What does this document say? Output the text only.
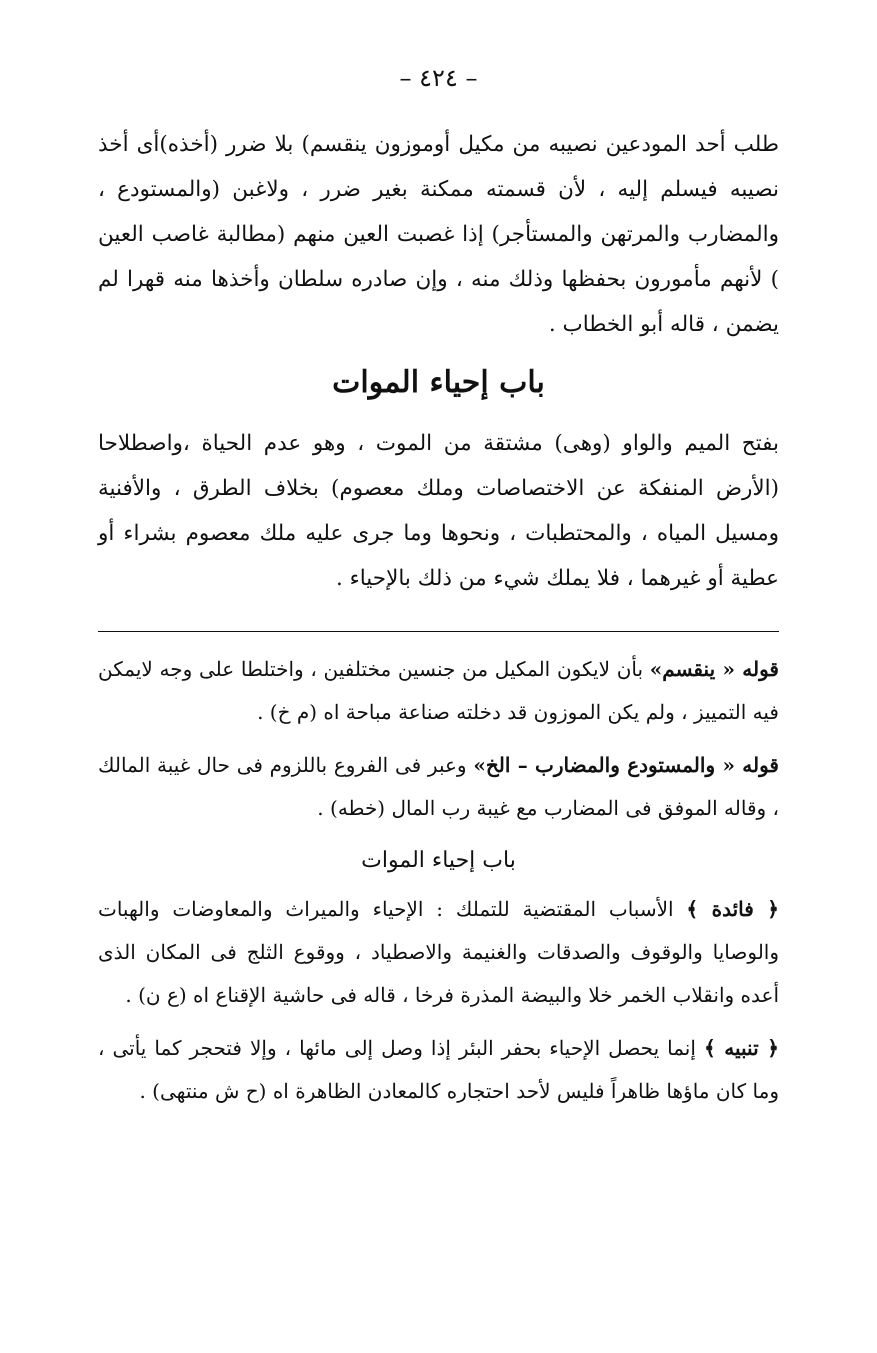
– ٤٢٤ –

طلب أحد المودعين نصيبه من مكيل أوموزون ينقسم) بلا ضرر (أخذه)أى أخذ نصيبه فيسلم إليه ، لأن قسمته ممكنة بغير ضرر ، ولاغبن (والمستودع ، والمضارب والمرتهن والمستأجر) إذا غصبت العين منهم (مطالبة غاصب العين ) لأنهم مأمورون بحفظها وذلك منه ، وإن صادره سلطان وأخذها منه قهرا لم يضمن ، قاله أبو الخطاب .

باب إحياء الموات

بفتح الميم والواو (وهى) مشتقة من الموت ، وهو عدم الحياة ،واصطلاحا (الأرض المنفكة عن الاختصاصات وملك معصوم) بخلاف الطرق ، والأفنية ومسيل المياه ، والمحتطبات ، ونحوها وما جرى عليه ملك معصوم بشراء أو عطية أو غيرهما ، فلا يملك شيء من ذلك بالإحياء .

قوله « ينقسم» بأن لايكون المكيل من جنسين مختلفين ، واختلطا على وجه لايمكن فيه التمييز ، ولم يكن الموزون قد دخلته صناعة مباحة اه (م خ) .

قوله « والمستودع والمضارب – الخ» وعبر فى الفروع باللزوم فى حال غيبة المالك ، وقاله الموفق فى المضارب مع غيبة رب المال (خطه) .

باب إحياء الموات

﴿ فائدة ﴾ الأسباب المقتضية للتملك : الإحياء والميراث والمعاوضات والهبات والوصايا والوقوف والصدقات والغنيمة والاصطياد ، ووقوع الثلج فى المكان الذى أعده وانقلاب الخمر خلا والبيضة المذرة فرخا ، قاله فى حاشية الإقناع اه (ع ن) .

﴿ تنبيه ﴾ إنما يحصل الإحياء بحفر البئر إذا وصل إلى مائها ، وإلا فتحجر كما يأتى ، وما كان ماؤها ظاهراً فليس لأحد احتجاره كالمعادن الظاهرة اه (ح ش منتهى) .
